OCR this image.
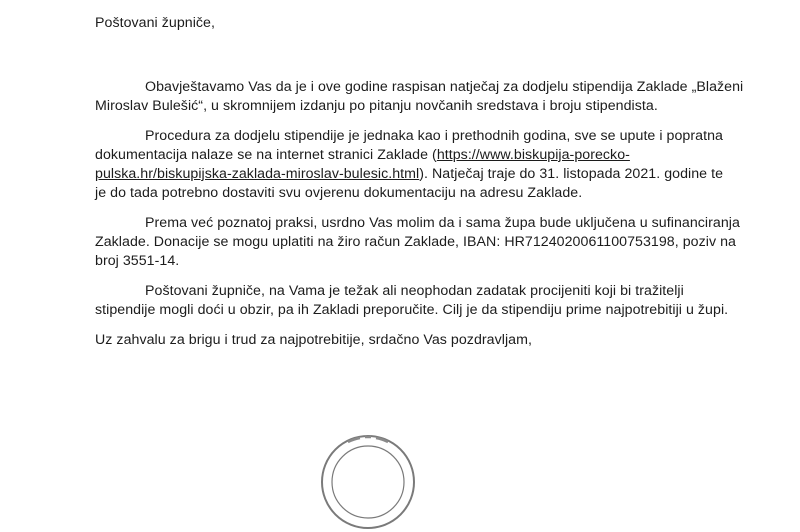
Poštovani župniče,
Obavještavamo Vas da je i ove godine raspisan natječaj za dodjelu stipendija Zaklade „Blaženi
Miroslav Bulešić“, u skromnijem izdanju po pitanju novčanih sredstava i broju stipendista.
Procedura za dodjelu stipendije je jednaka kao i prethodnih godina, sve se upute i popratna
dokumentacija nalaze se na internet stranici Zaklade (https://www.biskupija-porecko-
pulska.hr/biskupijska-zaklada-miroslav-bulesic.html). Natječaj traje do 31. listopada 2021. godine te
je do tada potrebno dostaviti svu ovjerenu dokumentaciju na adresu Zaklade.
Prema već poznatoj praksi, usrdno Vas molim da i sama župa bude uključena u sufinanciranja
Zaklade. Donacije se mogu uplatiti na žiro račun Zaklade, IBAN: HR7124020061100753198, poziv na
broj 3551-14.
Poštovani župniče, na Vama je težak ali neophodan zadatak procijeniti koji bi tražitelji
stipendije mogli doći u obzir, pa ih Zakladi preporučite. Cilj je da stipendiju prime najpotrebitiji u župi.
Uz zahvalu za brigu i trud za najpotrebitije, srdačno Vas pozdravljam,
